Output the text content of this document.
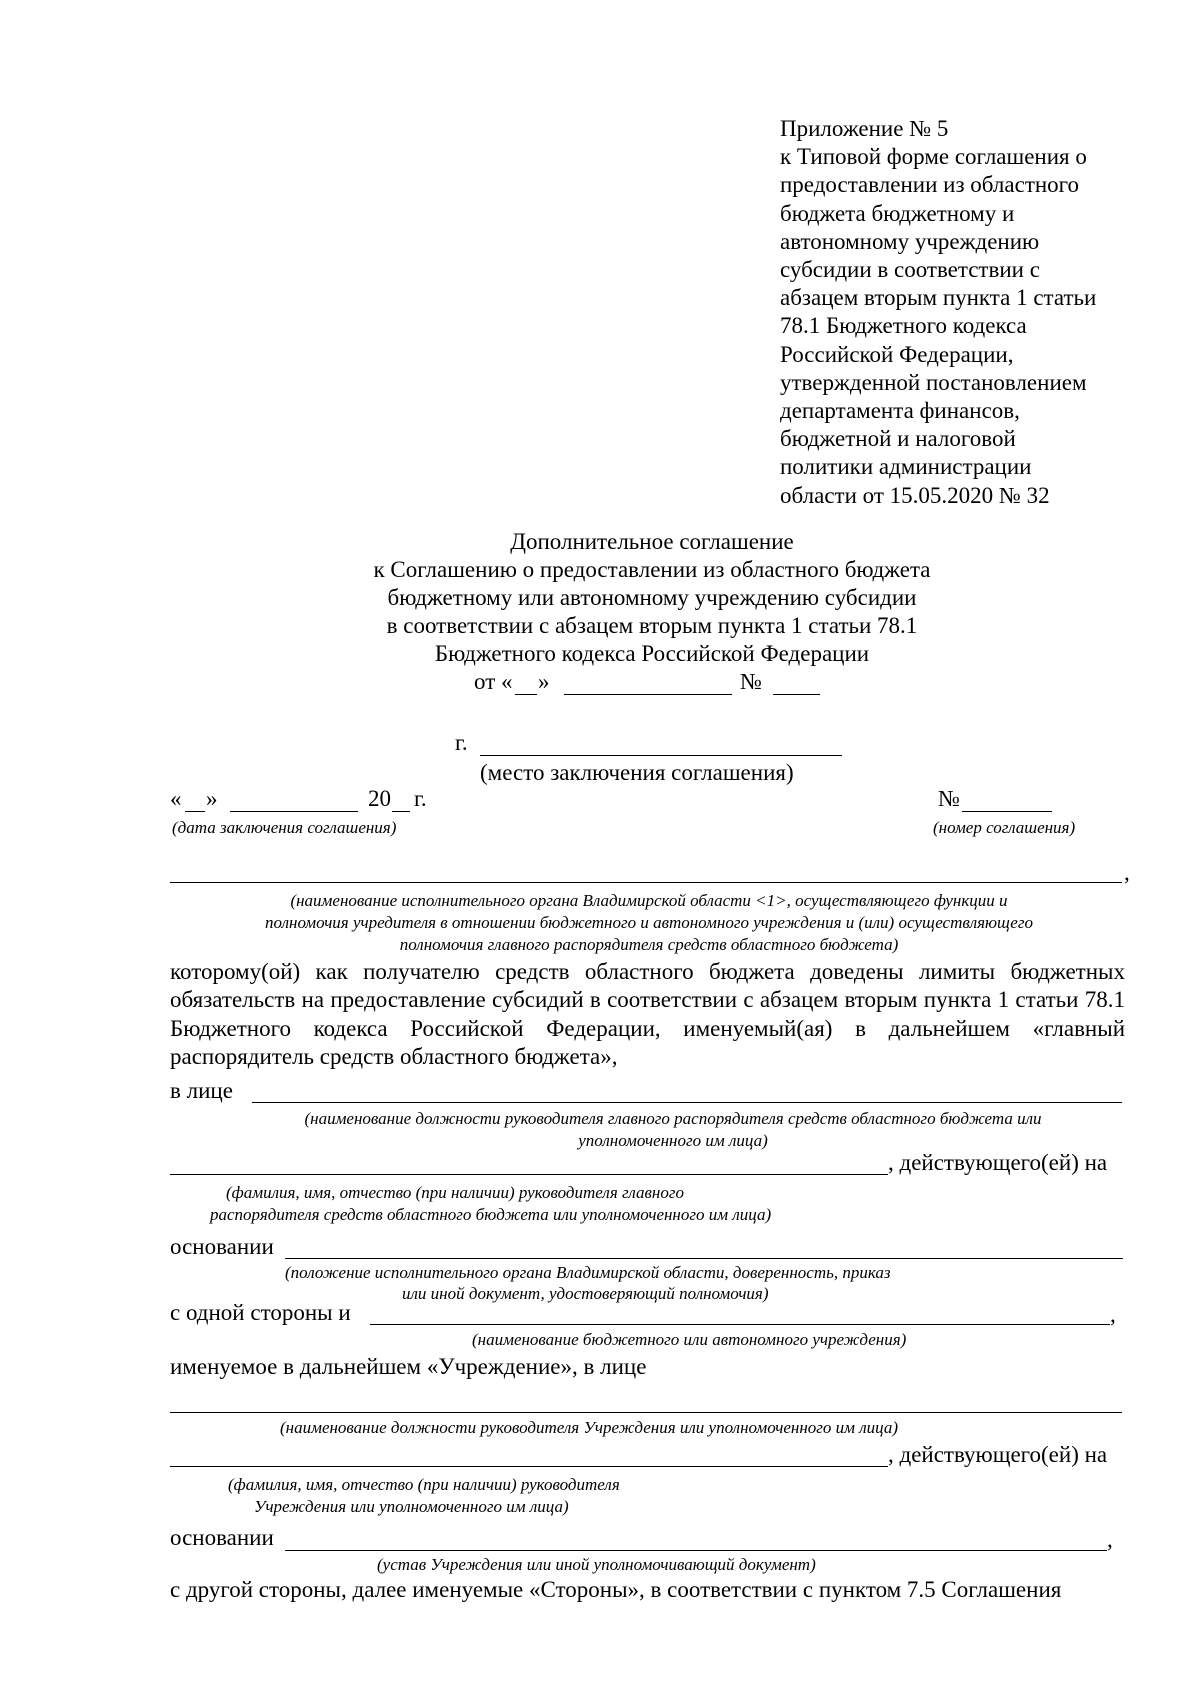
Приложение № 5
к Типовой форме соглашения о
предоставлении из областного
бюджета бюджетному и
автономному учреждению
субсидии в соответствии с
абзацем вторым пункта 1 статьи
78.1 Бюджетного кодекса
Российской Федерации,
утвержденной постановлением
департамента финансов,
бюджетной и налоговой
политики администрации
области от 15.05.2020 № 32
Дополнительное соглашение
к Соглашению о предоставлении из областного бюджета
бюджетному или автономному учреждению субсидии
в соответствии с абзацем вторым пункта 1 статьи 78.1
Бюджетного кодекса Российской Федерации
от « »	№
г.
(место заключения соглашения)
« »	20 г.
(дата заключения соглашения)
№
(номер соглашения)
,
(наименование исполнительного органа Владимирской области <1>, осуществляющего функции и
полномочия учредителя в отношении бюджетного и автономного учреждения и (или) осуществляющего
полномочия главного распорядителя средств областного бюджета)
которому(ой) как получателю средств областного бюджета доведены лимиты бюджетных обязательств на предоставление субсидий в соответствии с абзацем вторым пункта 1 статьи 78.1 Бюджетного кодекса Российской Федерации, именуемый(ая) в дальнейшем «главный распорядитель средств областного бюджета»,
в лице
(наименование должности руководителя главного распорядителя средств областного бюджета или
уполномоченного им лица)
, действующего(ей) на
(фамилия, имя, отчество (при наличии) руководителя главного
распорядителя средств областного бюджета или уполномоченного им лица)
основании
(положение исполнительного органа Владимирской области, доверенность, приказ
или иной документ, удостоверяющий полномочия)
с одной стороны и	,
(наименование бюджетного или автономного учреждения)
именуемое в дальнейшем «Учреждение», в лице
(наименование должности руководителя Учреждения или уполномоченного им лица)
, действующего(ей) на
(фамилия, имя, отчество (при наличии) руководителя
Учреждения или уполномоченного им лица)
основании	,
(устав Учреждения или иной уполномочивающий документ)
с другой стороны, далее именуемые «Стороны», в соответствии с пунктом 7.5 Соглашения
